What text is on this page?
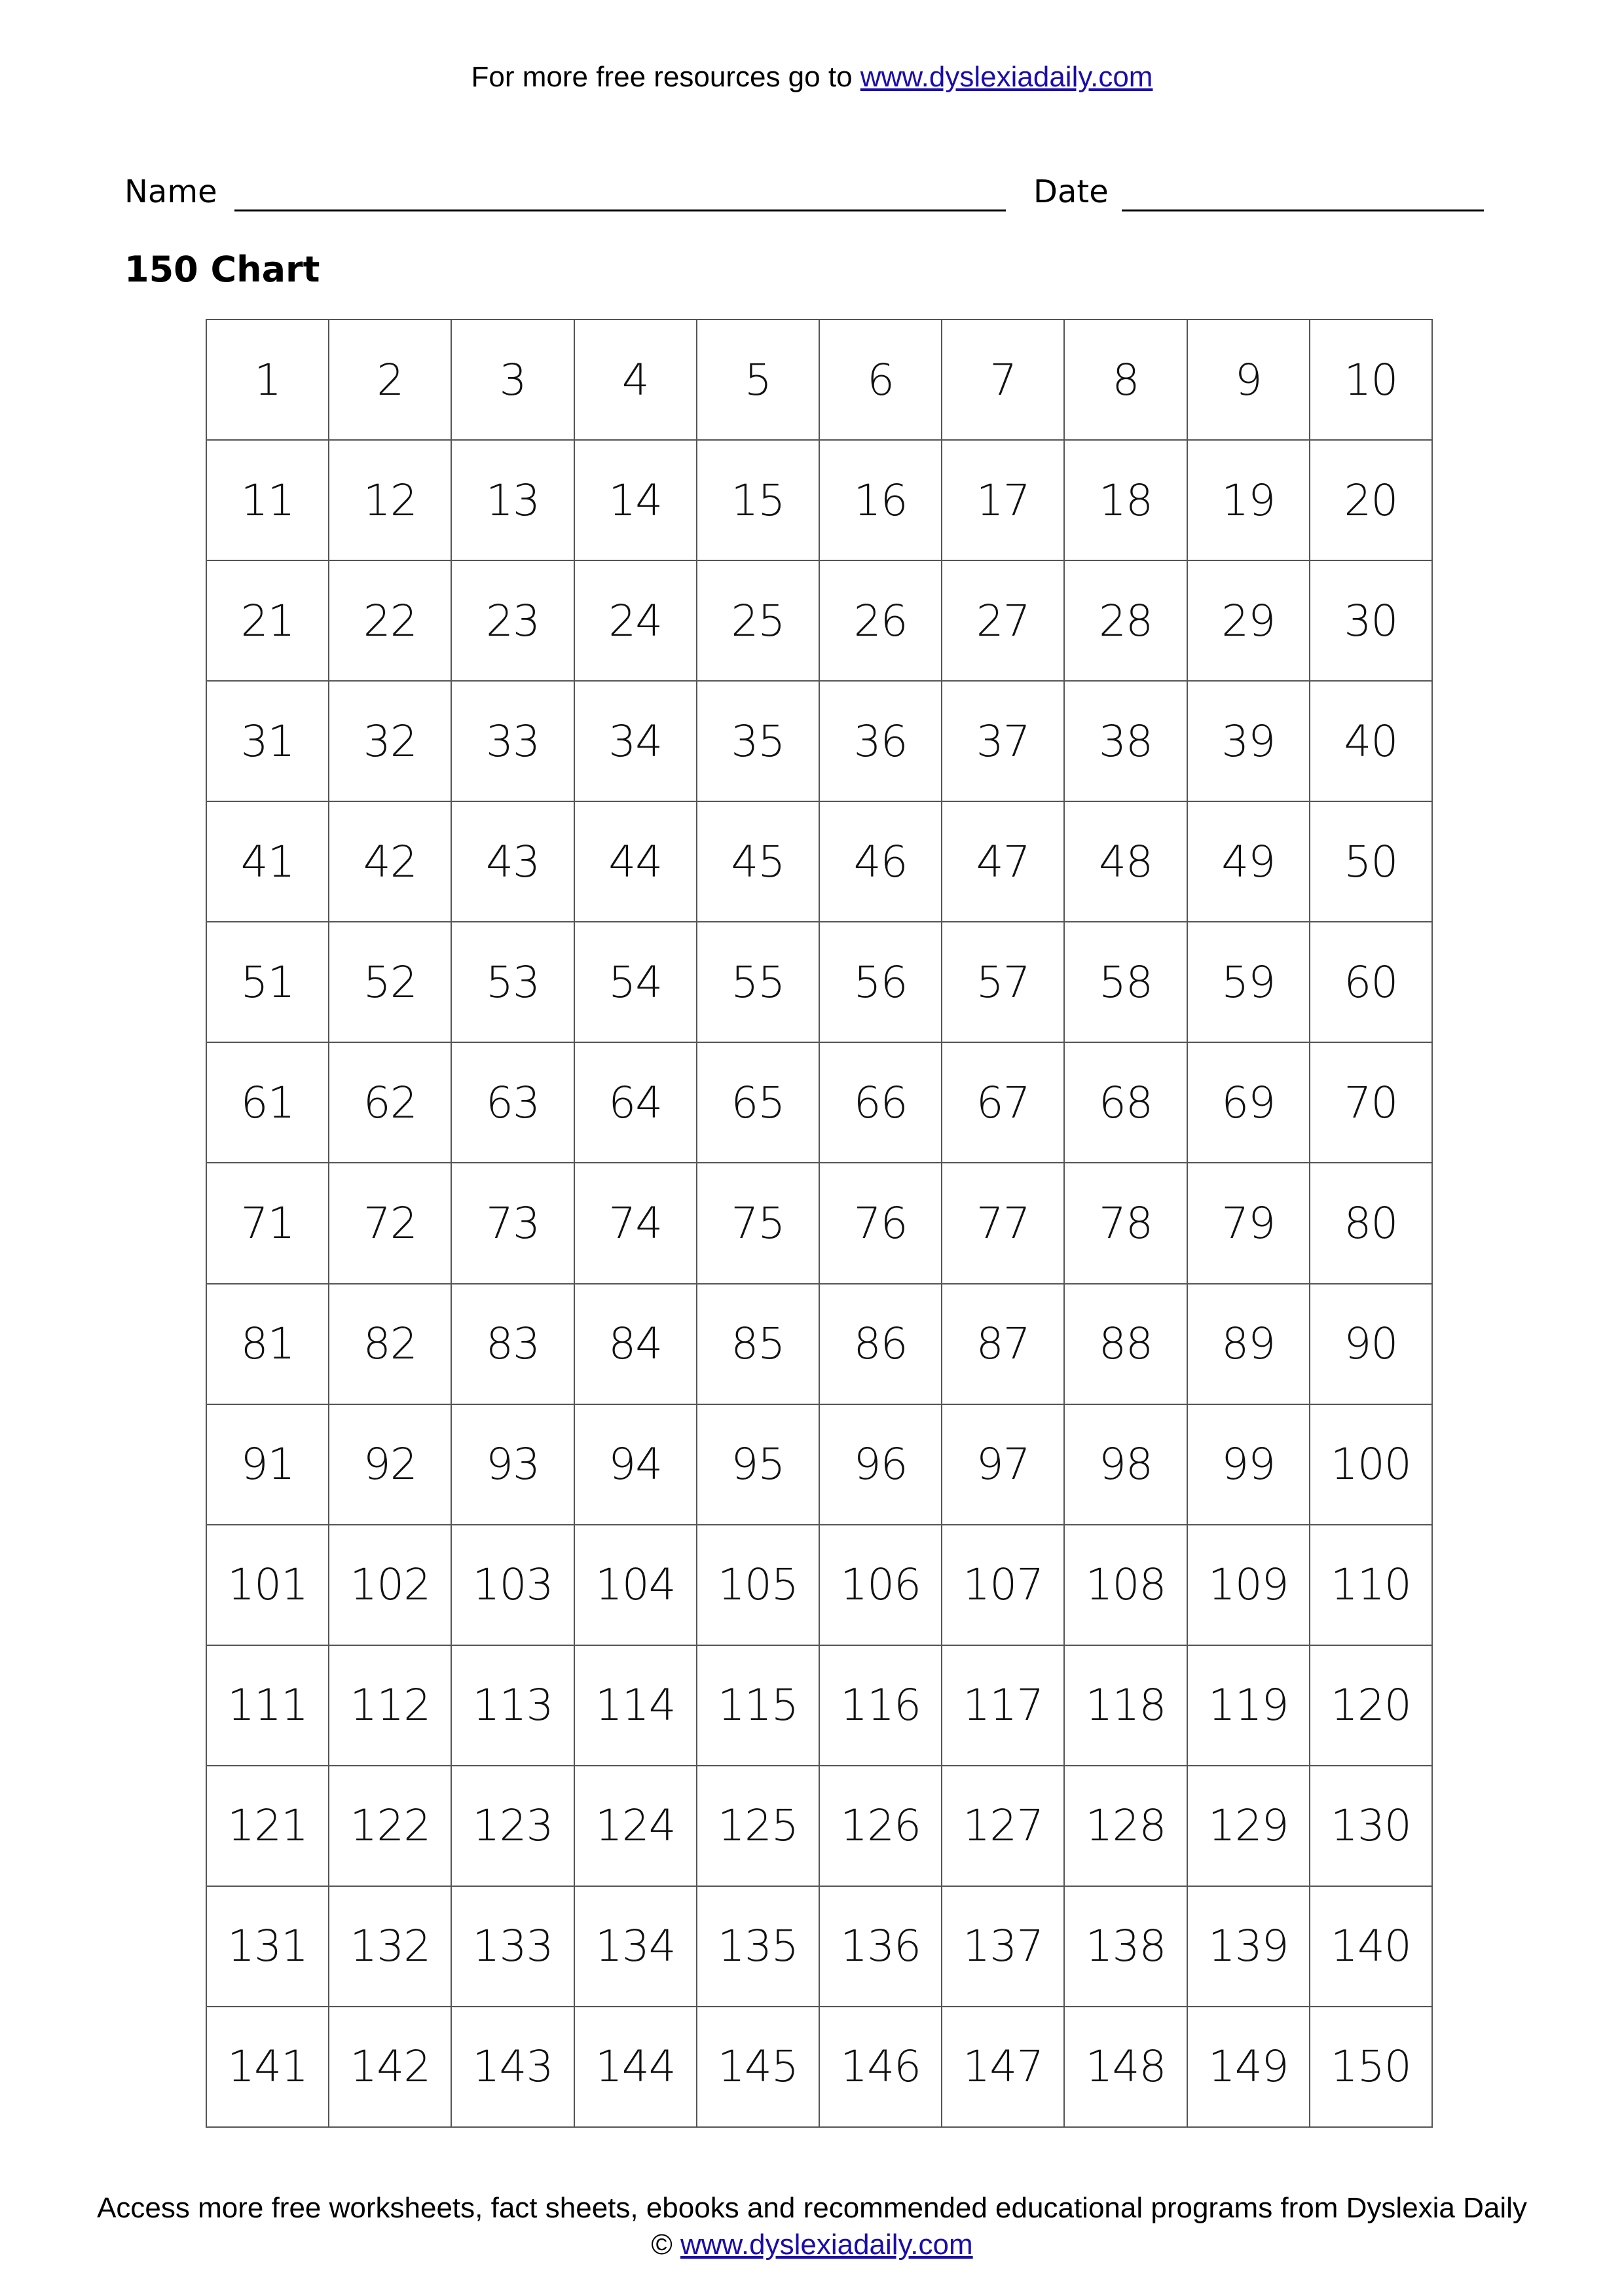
For more free resources go to www.dyslexiadaily.com
Name	Date
150 Chart
1	2	3	4	5	6	7	8	9	10
11	12	13	14	15	16	17	18	19	20
21	22	23	24	25	26	27	28	29	30
31	32	33	34	35	36	37	38	39	40
41	42	43	44	45	46	47	48	49	50
51	52	53	54	55	56	57	58	59	60
61	62	63	64	65	66	67	68	69	70
71	72	73	74	75	76	77	78	79	80
81	82	83	84	85	86	87	88	89	90
91	92	93	94	95	96	97	98	99	100
101 102 103 104 105 106 107 108 109 110
111 112 113 114 115 116 117 118 119 120
121 122 123 124 125 126 127 128 129 130
131 132 133 134 135 136 137 138 139 140
141 142 143 144 145 146 147 148 149 150
Access more free worksheets, fact sheets, ebooks and recommended educational programs from Dyslexia Daily
© www.dyslexiadaily.com
